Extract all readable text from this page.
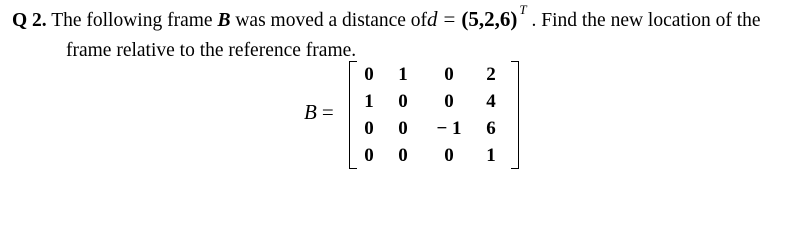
Q 2. The following frame B was moved a distance ofd = (5,2,6) $^T$ . Find the new location of the
frame relative to the reference frame.
B =
0	1	0	2
1	0	0	4
0	0	− 1	6
0	0	0	1
